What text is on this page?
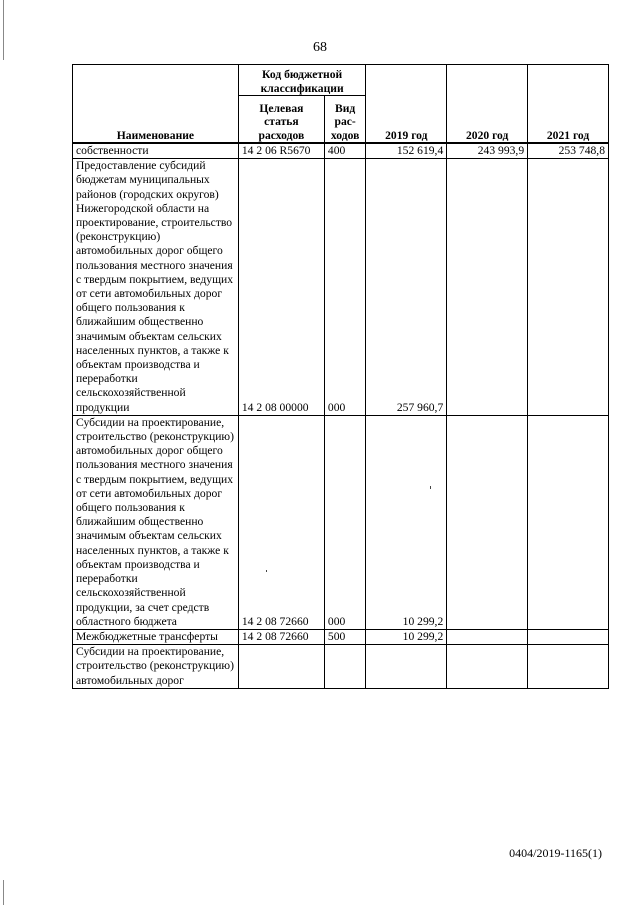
68
Наименование	Код бюджетной классификации		2019 год	2020 год	2021 год
	Целевая статья расходов	Вид рас-ходов			
собственности	14 2 06 R5670	400	152 619,4	243 993,9	253 748,8
Предоставление субсидий бюджетам муниципальных районов (городских округов) Нижегородской области на проектирование, строительство (реконструкцию) автомобильных дорог общего пользования местного значения с твердым покрытием, ведущих от сети автомобильных дорог общего пользования к ближайшим общественно значимым объектам сельских населенных пунктов, а также к объектам производства и переработки сельскохозяйственной продукции	14 2 08 00000	000	257 960,7		
Субсидии на проектирование, строительство (реконструкцию) автомобильных дорог общего пользования местного значения с твердым покрытием, ведущих от сети автомобильных дорог общего пользования к ближайшим общественно значимым объектам сельских населенных пунктов, а также к объектам производства и переработки сельскохозяйственной продукции, за счет средств областного бюджета	14 2 08 72660	000	10 299,2		
Межбюджетные трансферты	14 2 08 72660	500	10 299,2		
Субсидии на проектирование, строительство (реконструкцию) автомобильных дорог					
0404/2019-1165(1)
